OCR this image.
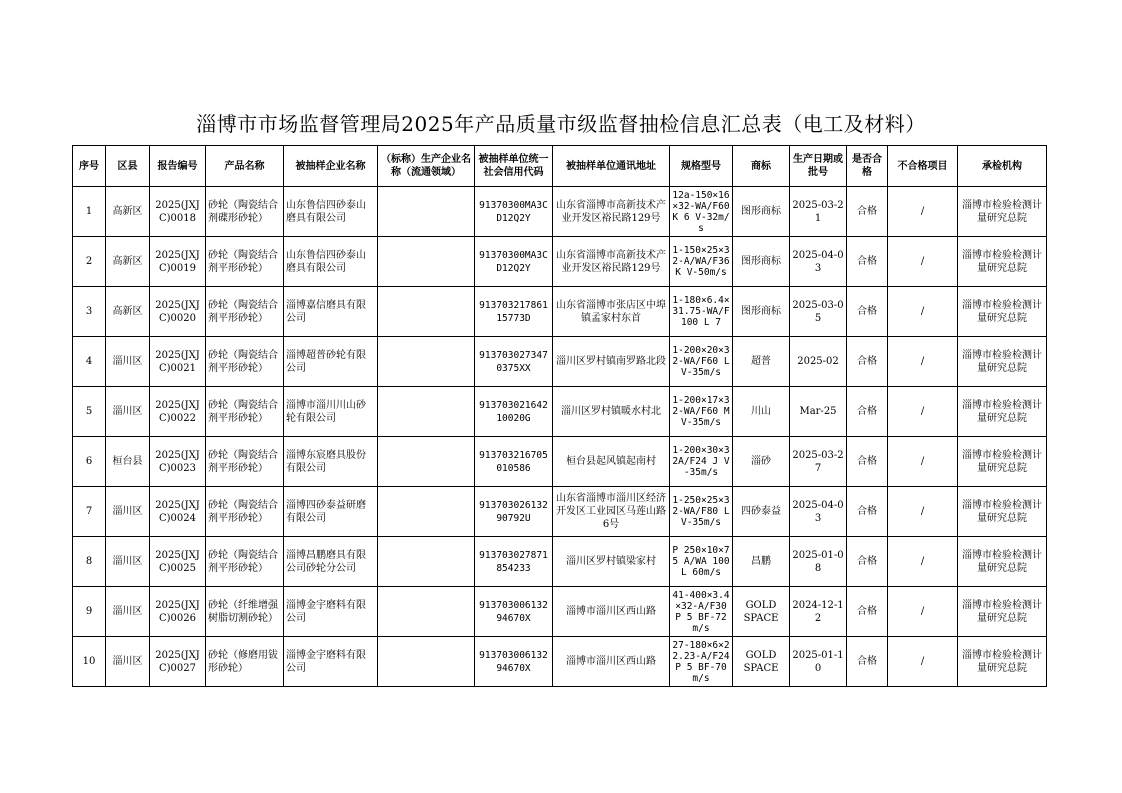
淄博市市场监督管理局2025年产品质量市级监督抽检信息汇总表（电工及材料）
序号	区县	报告编号	产品名称	被抽样企业名称	（标称）生产企业名称（流通领域）	被抽样单位统一社会信用代码	被抽样单位通讯地址	规格型号	商标	生产日期或批号	是否合格	不合格项目	承检机构
1	高新区	2025(JXJC)0018	砂轮（陶瓷结合剂碟形砂轮）	山东鲁信四砂泰山磨具有限公司		91370300MA3CD12Q2Y	山东省淄博市高新技术产业开发区裕民路129号	12a-150×16×32-WA/F60 K 6 V-32m/s	图形商标	2025-03-21	合格	/	淄博市检验检测计量研究总院
2	高新区	2025(JXJC)0019	砂轮（陶瓷结合剂平形砂轮）	山东鲁信四砂泰山磨具有限公司		91370300MA3CD12Q2Y	山东省淄博市高新技术产业开发区裕民路129号	1-150×25×32-A/WA/F36 K V-50m/s	图形商标	2025-04-03	合格	/	淄博市检验检测计量研究总院
3	高新区	2025(JXJC)0020	砂轮（陶瓷结合剂平形砂轮）	淄博嘉信磨具有限公司		91370321786115773D	山东省淄博市张店区中埠镇孟家村东首	1-180×6.4×31.75-WA/F100 L 7	图形商标	2025-03-05	合格	/	淄博市检验检测计量研究总院
4	淄川区	2025(JXJC)0021	砂轮（陶瓷结合剂平形砂轮）	淄博超普砂轮有限公司		9137030273470375XX	淄川区罗村镇南罗路北段	1-200×20×32-WA/F60 L V-35m/s	超普	2025-02	合格	/	淄博市检验检测计量研究总院
5	淄川区	2025(JXJC)0022	砂轮（陶瓷结合剂平形砂轮）	淄博市淄川川山砂轮有限公司		91370302164210020G	淄川区罗村镇暖水村北	1-200×17×32-WA/F60 M V-35m/s	川山	Mar-25	合格	/	淄博市检验检测计量研究总院
6	桓台县	2025(JXJC)0023	砂轮（陶瓷结合剂平形砂轮）	淄博东宸磨具股份有限公司		913703216705010586	桓台县起风镇起南村	1-200×30×32A/F24 J V-35m/s	淄砂	2025-03-27	合格	/	淄博市检验检测计量研究总院
7	淄川区	2025(JXJC)0024	砂轮（陶瓷结合剂平形砂轮）	淄博四砂泰益研磨有限公司		91370302613290792U	山东省淄博市淄川区经济开发区工业园区马莲山路6号	1-250×25×32-WA/F80 L V-35m/s	四砂泰益	2025-04-03	合格	/	淄博市检验检测计量研究总院
8	淄川区	2025(JXJC)0025	砂轮（陶瓷结合剂平形砂轮）	淄博昌鹏磨具有限公司砂轮分公司		913703027871854233	淄川区罗村镇梁家村	P 250×10×75 A/WA 100 L 60m/s	昌鹏	2025-01-08	合格	/	淄博市检验检测计量研究总院
9	淄川区	2025(JXJC)0026	砂轮（纤维增强树脂切割砂轮）	淄博金宇磨料有限公司		91370300613294670X	淄博市淄川区西山路	41-400×3.4×32-A/F30 P 5 BF-72m/s	GOLD SPACE	2024-12-12	合格	/	淄博市检验检测计量研究总院
10	淄川区	2025(JXJC)0027	砂轮（修磨用钹形砂轮）	淄博金宇磨料有限公司		91370300613294670X	淄博市淄川区西山路	27-180×6×22.23-A/F24 P 5 BF-70m/s	GOLD SPACE	2025-01-10	合格	/	淄博市检验检测计量研究总院
